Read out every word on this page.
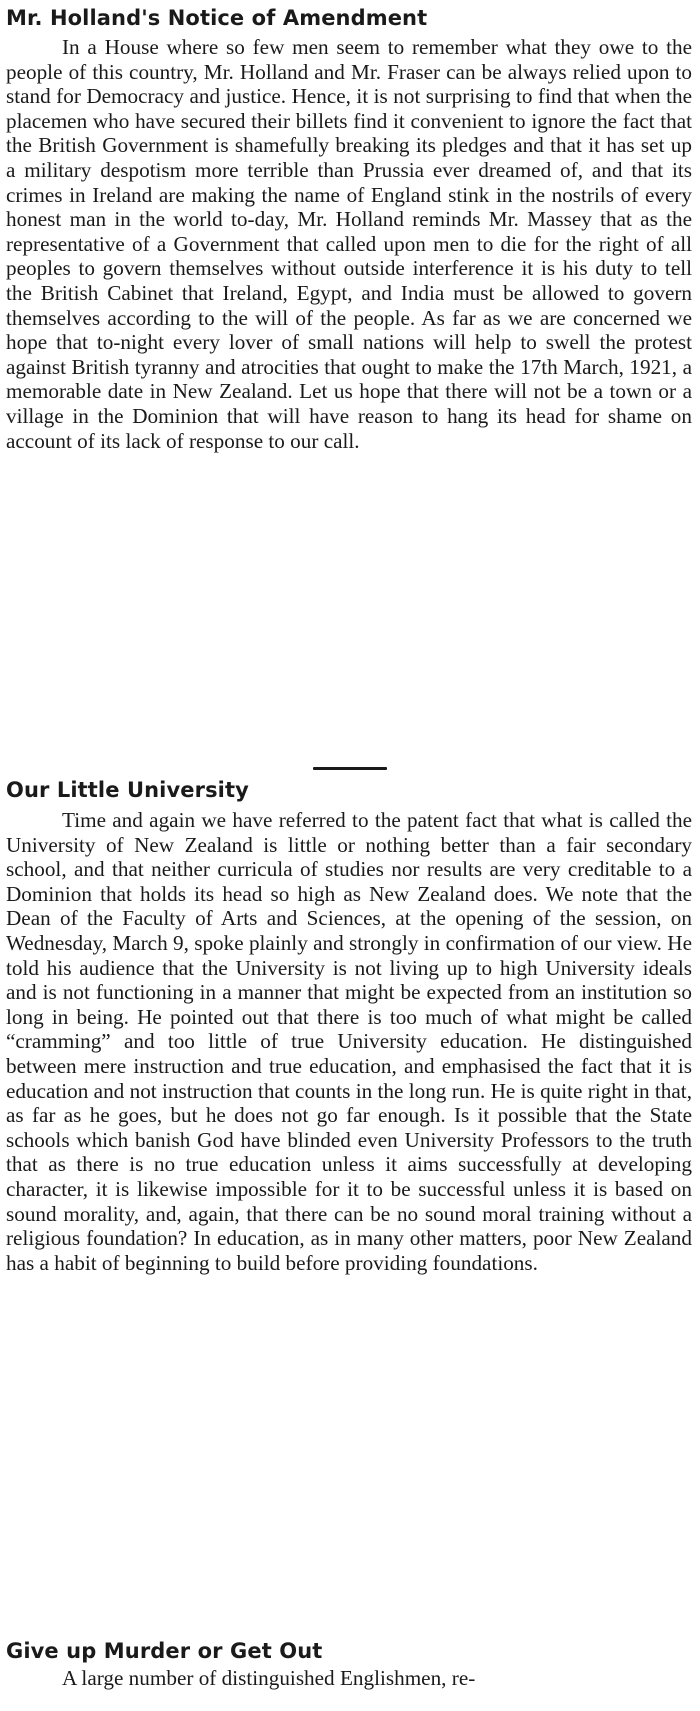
Mr. Holland's Notice of Amendment

In a House where so few men seem to remember what they owe to the people of this country, Mr. Holland and Mr. Fraser can be always relied upon to stand for Democracy and justice. Hence, it is not surprising to find that when the placemen who have secured their billets find it convenient to ignore the fact that the British Government is shamefully breaking its pledges and that it has set up a military despotism more terrible than Prussia ever dreamed of, and that its crimes in Ireland are making the name of England stink in the nostrils of every honest man in the world to-day, Mr. Holland reminds Mr. Massey that as the representative of a Government that called upon men to die for the right of all peoples to govern themselves without outside interference it is his duty to tell the British Cabinet that Ireland, Egypt, and India must be allowed to govern themselves according to the will of the people. As far as we are concerned we hope that to-night every lover of small nations will help to swell the protest against British tyranny and atrocities that ought to make the 17th March, 1921, a memorable date in New Zealand. Let us hope that there will not be a town or a village in the Dominion that will have reason to hang its head for shame on account of its lack of response to our call.

Our Little University

Time and again we have referred to the patent fact that what is called the University of New Zealand is little or nothing better than a fair secondary school, and that neither curricula of studies nor results are very creditable to a Dominion that holds its head so high as New Zealand does. We note that the Dean of the Faculty of Arts and Sciences, at the opening of the session, on Wednesday, March 9, spoke plainly and strongly in confirmation of our view. He told his audience that the University is not living up to high University ideals and is not functioning in a manner that might be expected from an institution so long in being. He pointed out that there is too much of what might be called “cramming” and too little of true University education. He distinguished between mere instruction and true education, and emphasised the fact that it is education and not instruction that counts in the long run. He is quite right in that, as far as he goes, but he does not go far enough. Is it possible that the State schools which banish God have blinded even University Professors to the truth that as there is no true education unless it aims successfully at developing character, it is likewise impossible for it to be successful unless it is based on sound morality, and, again, that there can be no sound moral training without a religious foundation? In education, as in many other matters, poor New Zealand has a habit of beginning to build before providing foundations.

Give up Murder or Get Out

A large number of distinguished Englishmen, re-
